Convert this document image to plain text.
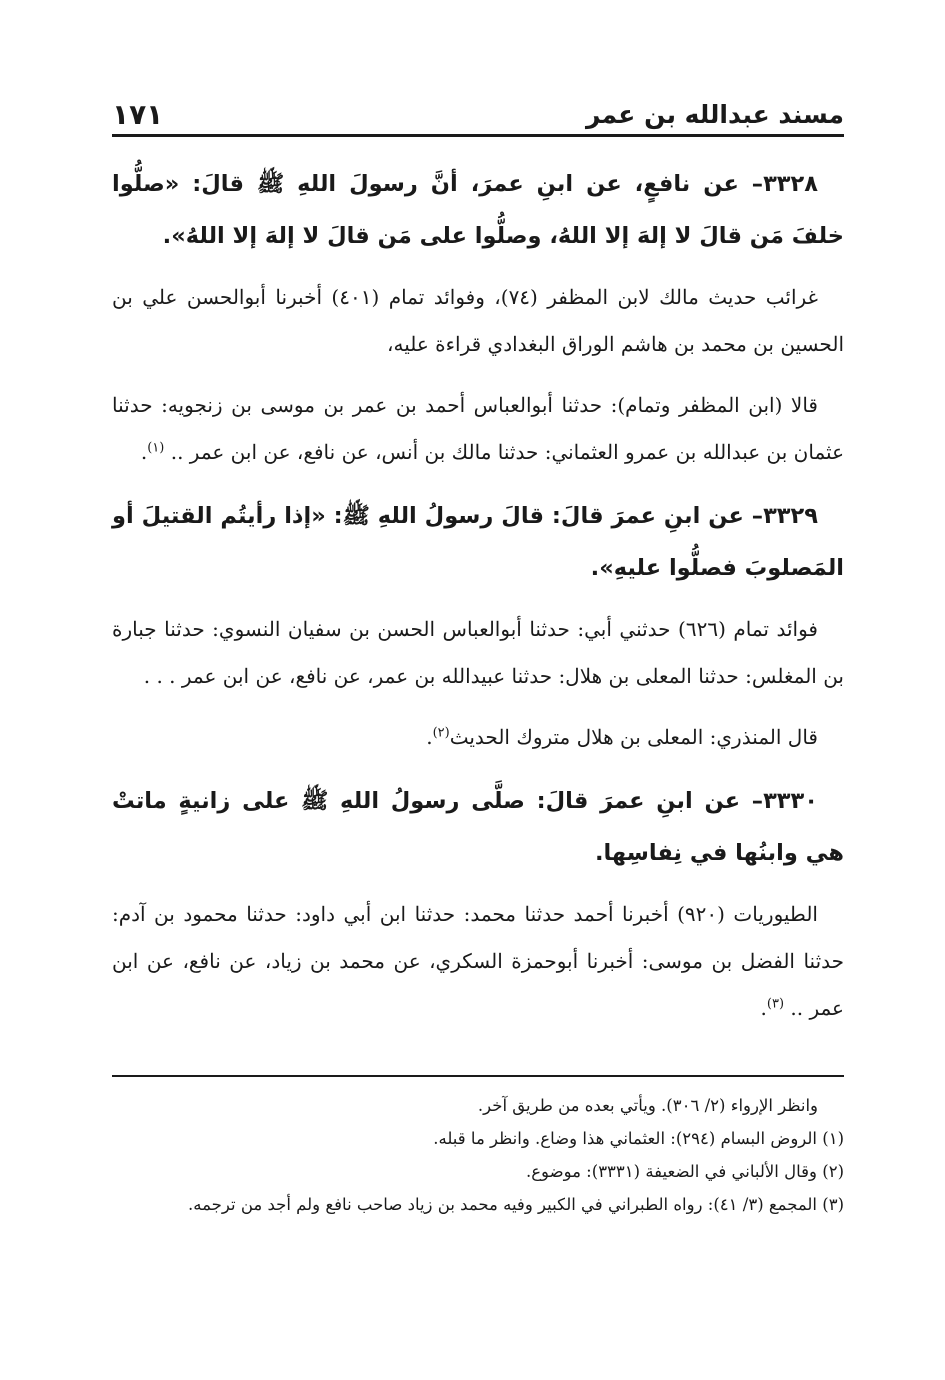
مسند عبدالله بن عمر
١٧١

٣٣٢٨– عن نافعٍ، عن ابنِ عمرَ، أنَّ رسولَ اللهِ ﷺ قالَ: «صلُّوا خلفَ مَن قالَ لا إلهَ إلا اللهُ، وصلُّوا على مَن قالَ لا إلهَ إلا اللهُ».

غرائب حديث مالك لابن المظفر (٧٤)، وفوائد تمام (٤٠١) أخبرنا أبوالحسن علي بن الحسين بن محمد بن هاشم الوراق البغدادي قراءة عليه،

قالا (ابن المظفر وتمام): حدثنا أبوالعباس أحمد بن عمر بن موسى بن زنجويه: حدثنا عثمان بن عبدالله بن عمرو العثماني: حدثنا مالك بن أنس، عن نافع، عن ابن عمر .. $^{(١)}$.

٣٣٢٩– عن ابنِ عمرَ قالَ: قالَ رسولُ اللهِ ﷺ: «إذا رأيتُم القتيلَ أو المَصلوبَ فصلُّوا عليهِ».

فوائد تمام (٦٢٦) حدثني أبي: حدثنا أبوالعباس الحسن بن سفيان النسوي: حدثنا جبارة بن المغلس: حدثنا المعلى بن هلال: حدثنا عبيدالله بن عمر، عن نافع، عن ابن عمر . . .

قال المنذري: المعلى بن هلال متروك الحديث$^{(٢)}$.

٣٣٣٠– عن ابنِ عمرَ قالَ: صلَّى رسولُ اللهِ ﷺ على زانيةٍ ماتتْ هي وابنُها في نِفاسِها.

الطيوريات (٩٢٠) أخبرنا أحمد حدثنا محمد: حدثنا ابن أبي داود: حدثنا محمود بن آدم: حدثنا الفضل بن موسى: أخبرنا أبوحمزة السكري، عن محمد بن زياد، عن نافع، عن ابن عمر .. $^{(٣)}$.

وانظر الإرواء (٢/ ٣٠٦). ويأتي بعده من طريق آخر.

(١) الروض البسام (٢٩٤): العثماني هذا وضاع. وانظر ما قبله.

(٢) وقال الألباني في الضعيفة (٣٣٣١): موضوع.

(٣) المجمع (٣/ ٤١): رواه الطبراني في الكبير وفيه محمد بن زياد صاحب نافع ولم أجد من ترجمه.
